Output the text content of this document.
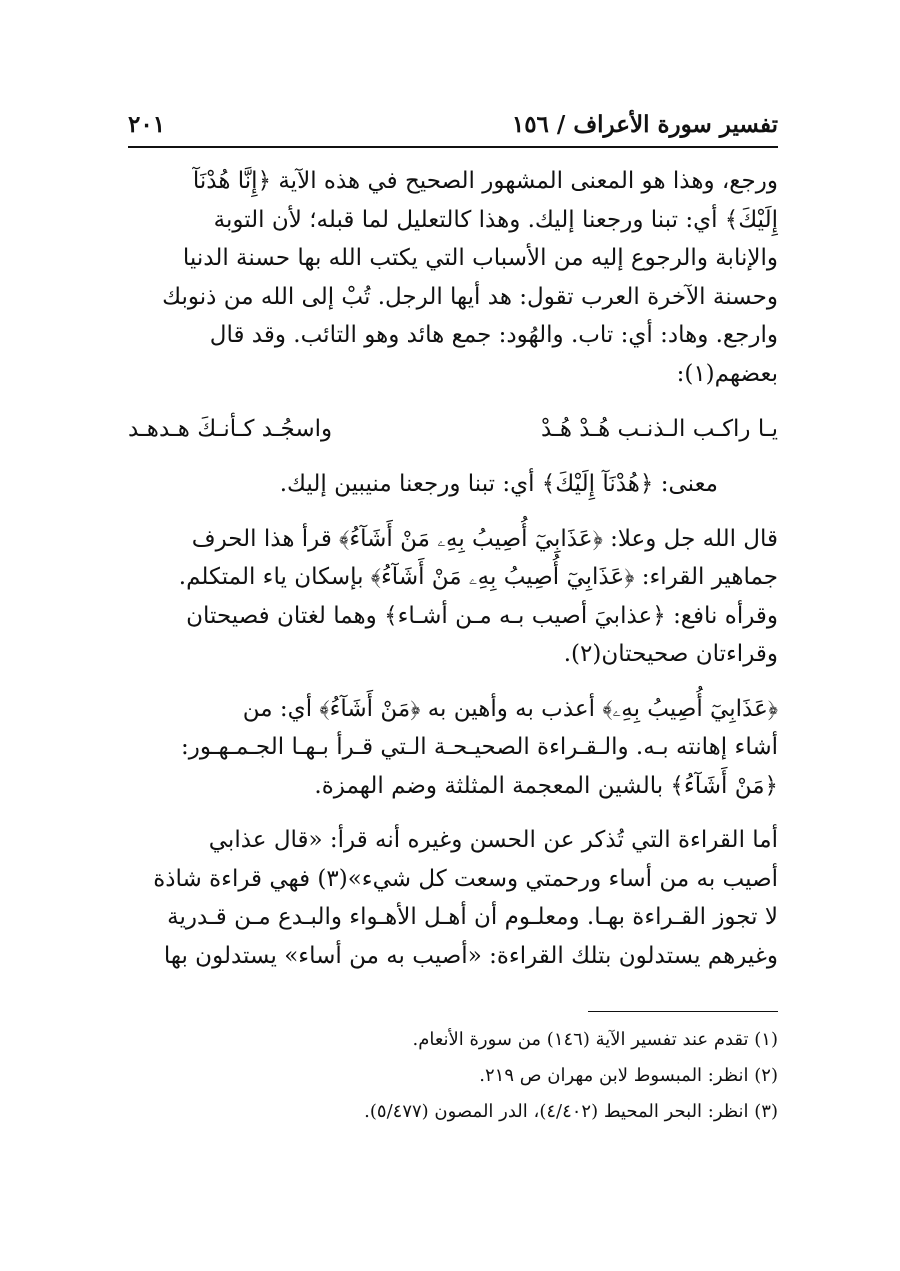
تفسير سورة الأعراف / ١٥٦
٢٠١

ورجع، وهذا هو المعنى المشهور الصحيح في هذه الآية ﴿إِنَّا هُدْنَآ

إِلَيْكَ﴾ أي: تبنا ورجعنا إليك. وهذا كالتعليل لما قبله؛ لأن التوبة

والإنابة والرجوع إليه من الأسباب التي يكتب الله بها حسنة الدنيا

وحسنة الآخرة العرب تقول: هد أيها الرجل. تُبْ إلى الله من ذنوبك

وارجع. وهاد: أي: تاب. والهُود: جمع هائد وهو التائب. وقد قال

بعضهم(١):

يـا راكـب الـذنـب هُـدْ هُـدْ
واسجُـد كـأنـكَ هـدهـد

معنى: ﴿هُدْنَآ إِلَيْكَ﴾ أي: تبنا ورجعنا منيبين إليك.

قال الله جل وعلا: ﴿عَذَابِيٓ أُصِيبُ بِهِۦ مَنْ أَشَآءُ﴾ قرأ هذا الحرف

جماهير القراء: ﴿عَذَابِيٓ أُصِيبُ بِهِۦ مَنْ أَشَآءُ﴾ بإسكان ياء المتكلم.

وقرأه نافع: ﴿عذابيَ أصيب بـه مـن أشـاء﴾ وهما لغتان فصيحتان

وقراءتان صحيحتان(٢).

﴿عَذَابِيٓ أُصِيبُ بِهِۦ﴾ أعذب به وأهين به ﴿مَنْ أَشَآءُ﴾ أي: من

أشاء إهانته بـه. والـقـراءة الصحيـحـة الـتي قـرأ بـهـا الجـمـهـور:

﴿مَنْ أَشَآءُ﴾ بالشين المعجمة المثلثة وضم الهمزة.

أما القراءة التي تُذكر عن الحسن وغيره أنه قرأ: «قال عذابي

أصيب به من أساء ورحمتي وسعت كل شيء»(٣) فهي قراءة شاذة

لا تجوز القـراءة بهـا. ومعلـوم أن أهـل الأهـواء والبـدع مـن قـدرية

وغيرهم يستدلون بتلك القراءة: «أصيب به من أساء» يستدلون بها

(١) تقدم عند تفسير الآية (١٤٦) من سورة الأنعام.

(٢) انظر: المبسوط لابن مهران ص ٢١٩.

(٣) انظر: البحر المحيط (٤/٤٠٢)، الدر المصون (٥/٤٧٧).
